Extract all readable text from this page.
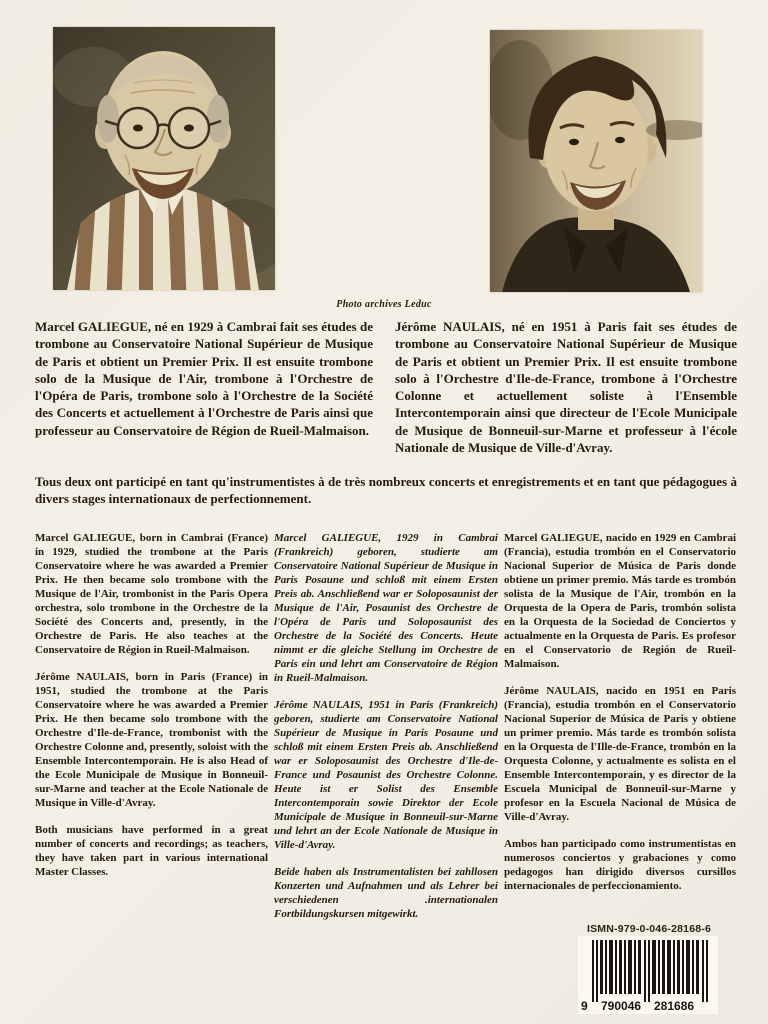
Photo archives Leduc
Marcel GALIEGUE, né en 1929 à Cambrai fait ses études de trombone au Conservatoire National Supérieur de Musique de Paris et obtient un Premier Prix. Il est ensuite trombone solo de la Musique de l'Air, trombone à l'Orchestre de l'Opéra de Paris, trombone solo à l'Orchestre de la Société des Concerts et actuellement à l'Orchestre de Paris ainsi que professeur au Conservatoire de Région de Rueil-Malmaison.
Jérôme NAULAIS, né en 1951 à Paris fait ses études de trombone au Conservatoire National Supérieur de Musique de Paris et obtient un Premier Prix. Il est ensuite trombone solo à l'Orchestre d'Ile-de-France, trombone à l'Orchestre Colonne et actuellement soliste à l'Ensemble Intercontemporain ainsi que directeur de l'Ecole Municipale de Musique de Bonneuil-sur-Marne et professeur à l'école Nationale de Musique de Ville-d'Avray.
Tous deux ont participé en tant qu'instrumentistes à de très nombreux concerts et enregistrements et en tant que pédagogues à divers stages internationaux de perfectionnement.

Marcel GALIEGUE, born in Cambrai (France) in 1929, studied the trombone at the Paris Conservatoire where he was awarded a Premier Prix. He then became solo trombone with the Musique de l'Air, trombonist in the Paris Opera orchestra, solo trombone in the Orchestre de la Société des Concerts and, presently, in the Orchestre de Paris. He also teaches at the Conservatoire de Région in Rueil-Malmaison.

Jérôme NAULAIS, born in Paris (France) in 1951, studied the trombone at the Paris Conservatoire where he was awarded a Premier Prix. He then became solo trombone with the Orchestre d'Ile-de-France, trombonist with the Orchestre Colonne and, presently, soloist with the Ensemble Intercontemporain. He is also Head of the Ecole Municipale de Musique in Bonneuil-sur-Marne and teacher at the Ecole Nationale de Musique in Ville-d'Avray.

Both musicians have performed in a great number of concerts and recordings; as teachers, they have taken part in various international Master Classes.

Marcel GALIEGUE, 1929 in Cambrai (Frankreich) geboren, studierte am Conservatoire National Supérieur de Musique in Paris Posaune und schloß mit einem Ersten Preis ab. Anschließend war er Soloposaunist der Musique de l'Air, Posaunist des Orchestre de l'Opéra de Paris und Soloposaunist des Orchestre de la Société des Concerts. Heute nimmt er die gleiche Stellung im Orchestre de Paris ein und lehrt am Conservatoire de Région in Rueil-Malmaison.

Jérôme NAULAIS, 1951 in Paris (Frankreich) geboren, studierte am Conservatoire National Supérieur de Musique in Paris Posaune und schloß mit einem Ersten Preis ab. Anschließend war er Soloposaunist des Orchestre d'Ile-de-France und Posaunist des Orchestre Colonne. Heute ist er Solist des Ensemble Intercontemporain sowie Direktor der Ecole Municipale de Musique in Bonneuil-sur-Marne und lehrt an der Ecole Nationale de Musique in Ville-d'Avray.

Beide haben als Instrumentalisten bei zahllosen Konzerten und Aufnahmen und als Lehrer bei verschiedenen .internationalen Fortbildungskursen mitgewirkt.

Marcel GALIEGUE, nacido en 1929 en Cambrai (Francia), estudia trombón en el Conservatorio Nacional Superior de Música de Paris donde obtiene un primer premio. Más tarde es trombón solista de la Musique de l'Air, trombón en la Orquesta de la Opera de Paris, trombón solista en la Orquesta de la Sociedad de Conciertos y actualmente en la Orquesta de Paris. Es profesor en el Conservatorio de Región de Rueil-Malmaison.

Jérôme NAULAIS, nacido en 1951 en Paris (Francia), estudia trombón en el Conservatorio Nacional Superior de Música de Paris y obtiene un primer premio. Más tarde es trombón solista en la Orquesta de l'Ille-de-France, trombón en la Orquesta Colonne, y actualmente es solista en el Ensemble Intercontemporain, y es director de la Escuela Municipal de Bonneuil-sur-Marne y profesor en la Escuela Nacional de Música de Ville-d'Avray.

Ambos han participado como instrumentistas en numerosos conciertos y grabaciones y como pedagogos han dirigido diversos cursillos internacionales de perfeccionamiento.

ISMN-979-0-046-28168-6
9 790046 281686
